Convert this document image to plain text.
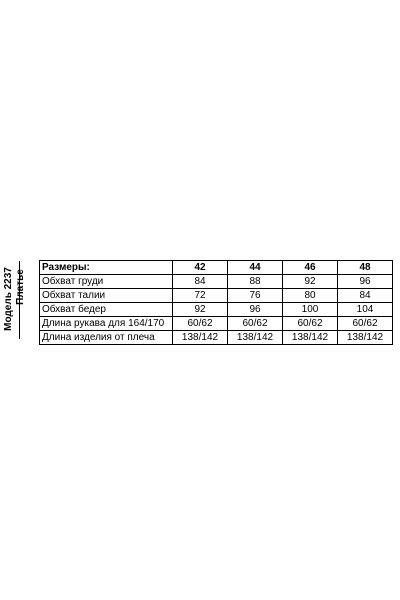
Модель 2237 Платье
Размеры:	42	44	46	48
Обхват груди	84	88	92	96
Обхват талии	72	76	80	84
Обхват бедер	92	96	100	104
Длина рукава для 164/170	60/62	60/62	60/62	60/62
Длина изделия от плеча	138/142	138/142	138/142	138/142
